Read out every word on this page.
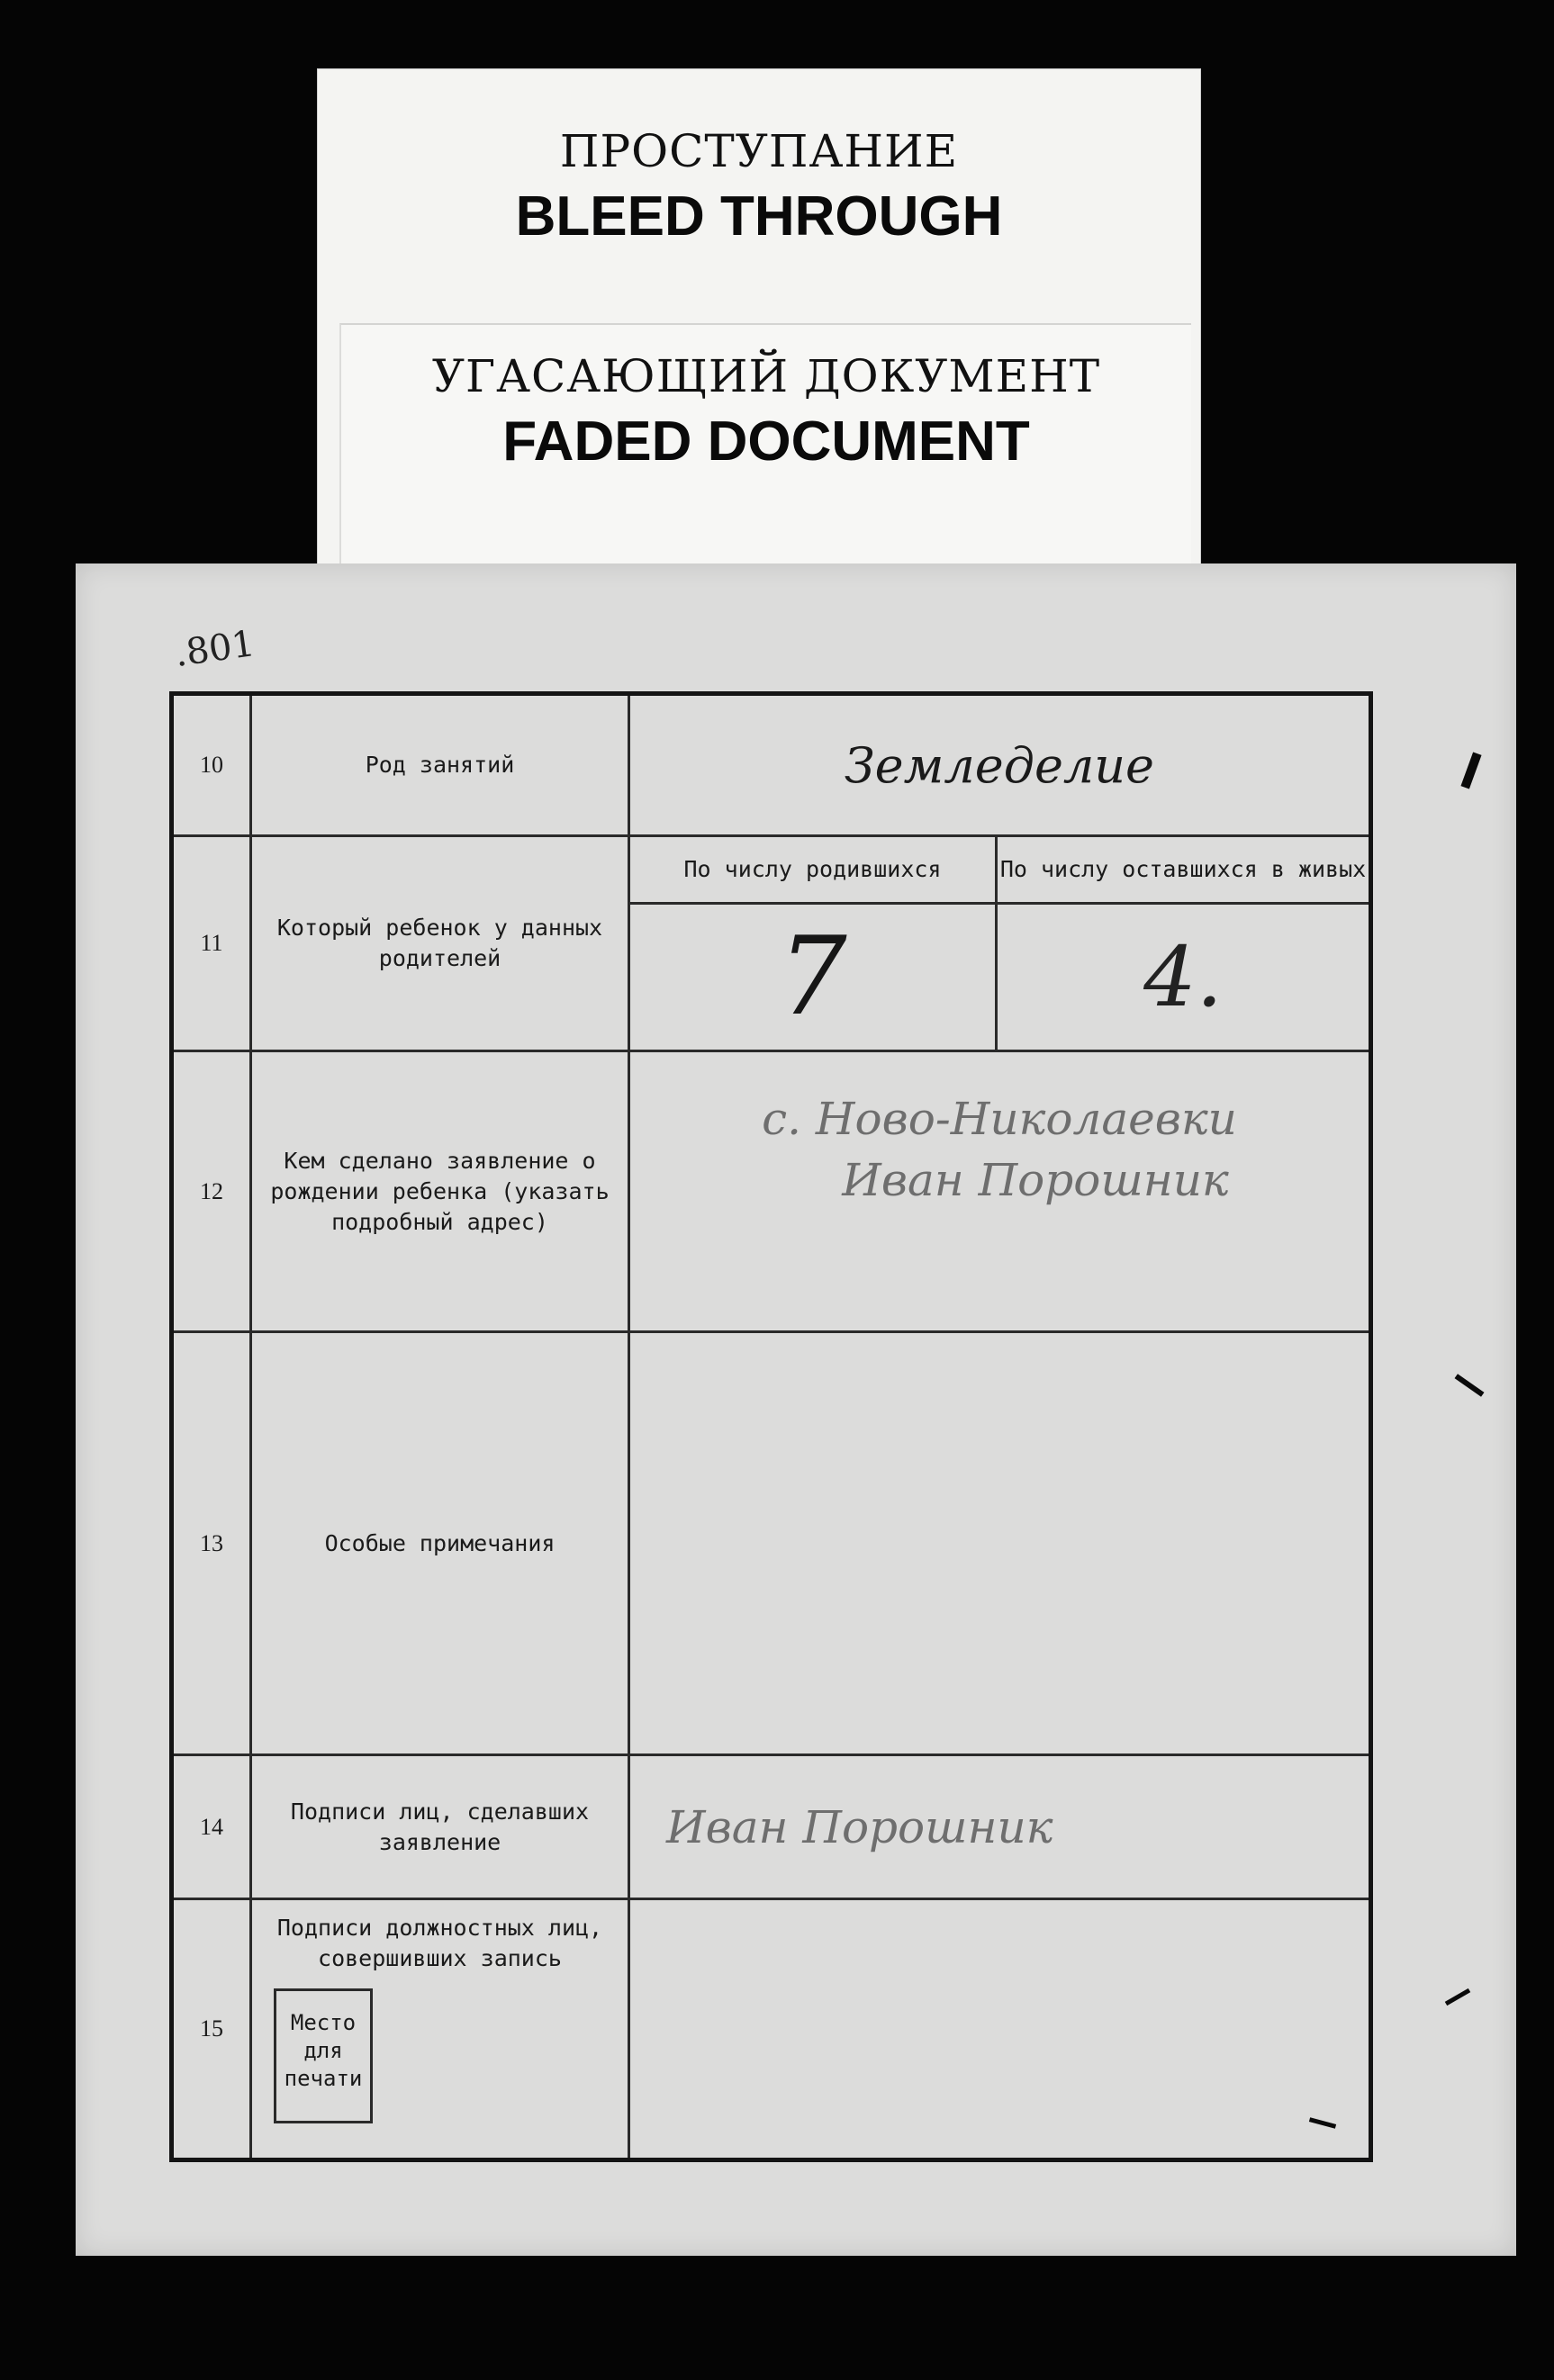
ПРОСТУПАНИЕ
BLEED THROUGH
УГАСАЮЩИЙ ДОКУМЕНТ
FADED DOCUMENT
.801
10	Род занятий	Земледелие	
11	Который ребенок у данных родителей	По числу родившихся	По числу оставшихся в живых
		7	4.
12	Кем сделано заявление о рождении ребенка (указать подробный адрес)	с. Ново-Николаевки
Иван Порошник	

13	Особые примечания		
14	Подписи лиц, сделавших заявление	Иван Порошник	
15	Подписи должностных лиц, совершивших запись
Место для печати		
